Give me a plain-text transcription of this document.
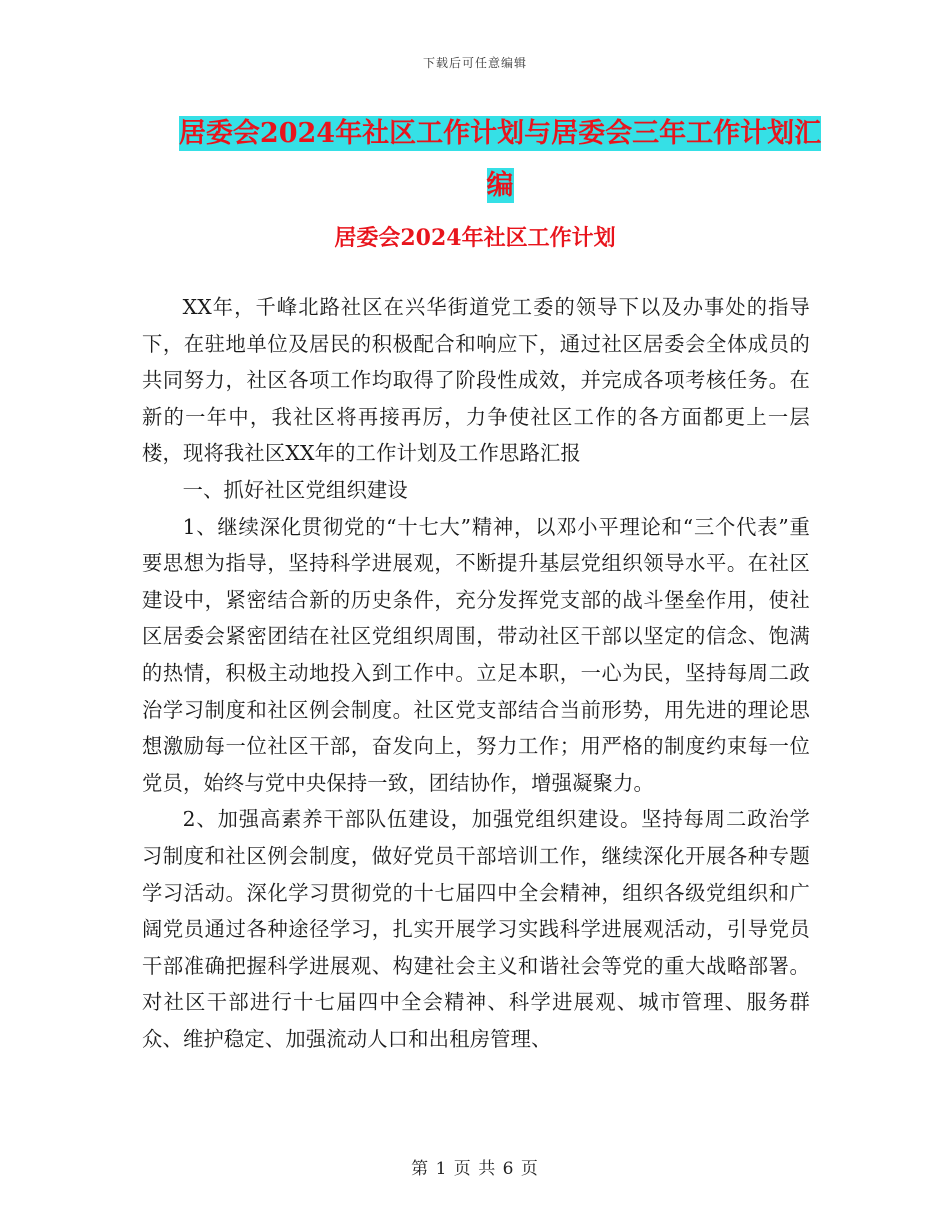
下载后可任意编辑
居委会2024年社区工作计划与居委会三年工作计划汇
编
居委会2024年社区工作计划

XX年，千峰北路社区在兴华街道党工委的领导下以及办事处的指导下，在驻地单位及居民的积极配合和响应下，通过社区居委会全体成员的共同努力，社区各项工作均取得了阶段性成效，并完成各项考核任务。在新的一年中，我社区将再接再厉，力争使社区工作的各方面都更上一层楼，现将我社区XX年的工作计划及工作思路汇报

一、抓好社区党组织建设

1、继续深化贯彻党的“十七大”精神，以邓小平理论和“三个代表”重要思想为指导，坚持科学进展观，不断提升基层党组织领导水平。在社区建设中，紧密结合新的历史条件，充分发挥党支部的战斗堡垒作用，使社区居委会紧密团结在社区党组织周围，带动社区干部以坚定的信念、饱满的热情，积极主动地投入到工作中。立足本职，一心为民，坚持每周二政治学习制度和社区例会制度。社区党支部结合当前形势，用先进的理论思想激励每一位社区干部，奋发向上，努力工作；用严格的制度约束每一位党员，始终与党中央保持一致，团结协作，增强凝聚力。

2、加强高素养干部队伍建设，加强党组织建设。坚持每周二政治学习制度和社区例会制度，做好党员干部培训工作，继续深化开展各种专题学习活动。深化学习贯彻党的十七届四中全会精神，组织各级党组织和广阔党员通过各种途径学习，扎实开展学习实践科学进展观活动，引导党员干部准确把握科学进展观、构建社会主义和谐社会等党的重大战略部署。对社区干部进行十七届四中全会精神、科学进展观、城市管理、服务群众、维护稳定、加强流动人口和出租房管理、

第 1 页 共 6 页
